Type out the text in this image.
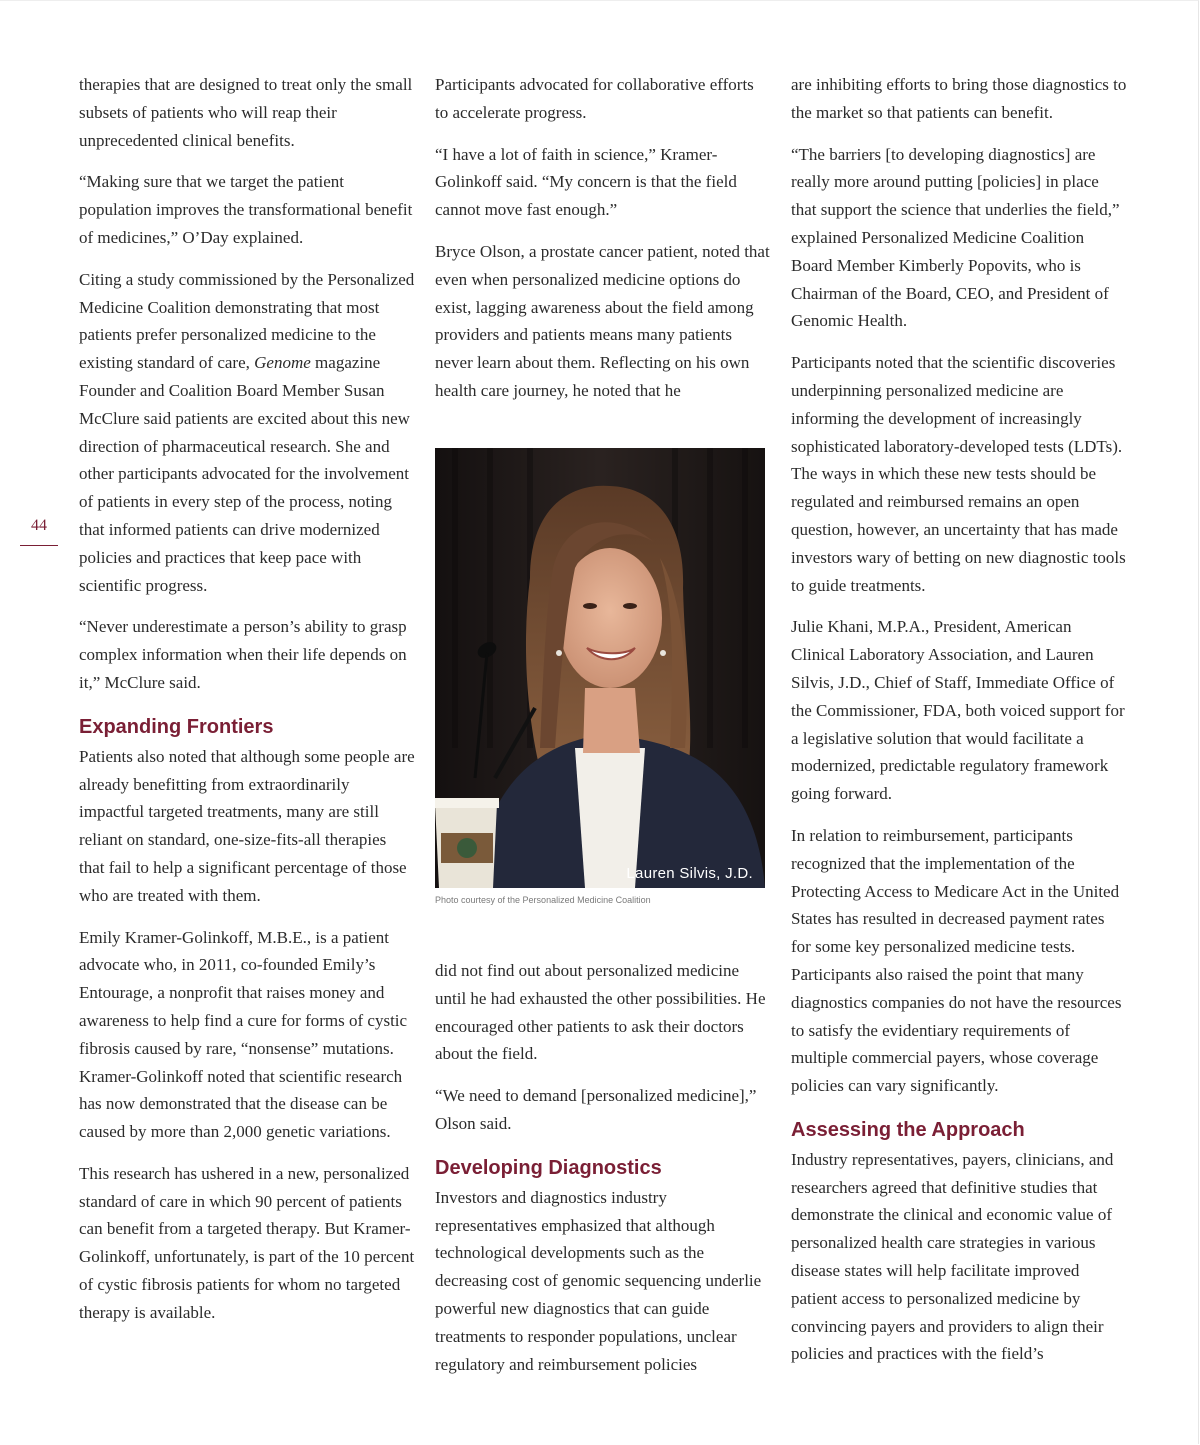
44

therapies that are designed to treat only the small subsets of patients who will reap their unprecedented clinical benefits.

“Making sure that we target the patient population improves the transformational benefit of medicines,” O’Day explained.

Citing a study commissioned by the Personalized Medicine Coalition demonstrating that most patients prefer personalized medicine to the existing standard of care, Genome magazine Founder and Coalition Board Member Susan McClure said patients are excited about this new direction of pharmaceutical research. She and other participants advocated for the involvement of patients in every step of the process, noting that informed patients can drive modernized policies and practices that keep pace with scientific progress.

“Never underestimate a person’s ability to grasp complex information when their life depends on it,” McClure said.

Expanding Frontiers

Patients also noted that although some people are already benefitting from extraordinarily impactful targeted treatments, many are still reliant on standard, one-size-fits-all therapies that fail to help a significant percentage of those who are treated with them.

Emily Kramer-Golinkoff, M.B.E., is a patient advocate who, in 2011, co-founded Emily’s Entourage, a nonprofit that raises money and awareness to help find a cure for forms of cystic fibrosis caused by rare, “nonsense” mutations. Kramer-Golinkoff noted that scientific research has now demonstrated that the disease can be caused by more than 2,000 genetic variations.

This research has ushered in a new, personalized standard of care in which 90 percent of patients can benefit from a targeted therapy. But Kramer-Golinkoff, unfortunately, is part of the 10 percent of cystic fibrosis patients for whom no targeted therapy is available.

Participants advocated for collaborative efforts to accelerate progress.

“I have a lot of faith in science,” Kramer-Golinkoff said. “My concern is that the field cannot move fast enough.”

Bryce Olson, a prostate cancer patient, noted that even when personalized medicine options do exist, lagging awareness about the field among providers and patients means many patients never learn about them. Reflecting on his own health care journey, he noted that he

Lauren Silvis, J.D.
Photo courtesy of the Personalized Medicine Coalition

did not find out about personalized medicine until he had exhausted the other possibilities. He encouraged other patients to ask their doctors about the field.

“We need to demand [personalized medicine],” Olson said.

Developing Diagnostics

Investors and diagnostics industry representatives emphasized that although technological developments such as the decreasing cost of genomic sequencing underlie powerful new diagnostics that can guide treatments to responder populations, unclear regulatory and reimbursement policies

are inhibiting efforts to bring those diagnostics to the market so that patients can benefit.

“The barriers [to developing diagnostics] are really more around putting [policies] in place that support the science that underlies the field,” explained Personalized Medicine Coalition Board Member Kimberly Popovits, who is Chairman of the Board, CEO, and President of Genomic Health.

Participants noted that the scientific discoveries underpinning personalized medicine are informing the development of increasingly sophisticated laboratory-developed tests (LDTs). The ways in which these new tests should be regulated and reimbursed remains an open question, however, an uncertainty that has made investors wary of betting on new diagnostic tools to guide treatments.

Julie Khani, M.P.A., President, American Clinical Laboratory Association, and Lauren Silvis, J.D., Chief of Staff, Immediate Office of the Commissioner, FDA, both voiced support for a legislative solution that would facilitate a modernized, predictable regulatory framework going forward.

In relation to reimbursement, participants recognized that the implementation of the Protecting Access to Medicare Act in the United States has resulted in decreased payment rates for some key personalized medicine tests. Participants also raised the point that many diagnostics companies do not have the resources to satisfy the evidentiary requirements of multiple commercial payers, whose coverage policies can vary significantly.

Assessing the Approach

Industry representatives, payers, clinicians, and researchers agreed that definitive studies that demonstrate the clinical and economic value of personalized health care strategies in various disease states will help facilitate improved patient access to personalized medicine by convincing payers and providers to align their policies and practices with the field’s
